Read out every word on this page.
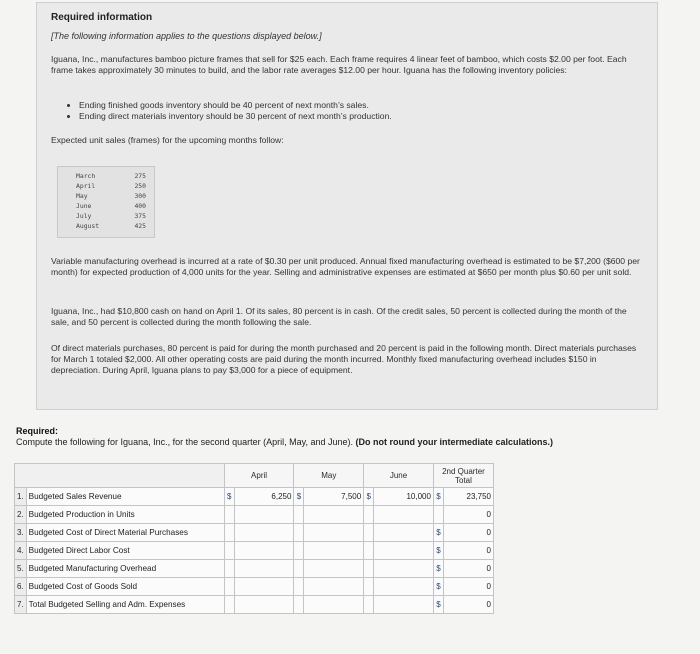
Required information
[The following information applies to the questions displayed below.]
Iguana, Inc., manufactures bamboo picture frames that sell for $25 each. Each frame requires 4 linear feet of bamboo, which costs $2.00 per foot. Each frame takes approximately 30 minutes to build, and the labor rate averages $12.00 per hour. Iguana has the following inventory policies:
• Ending finished goods inventory should be 40 percent of next month’s sales.
• Ending direct materials inventory should be 30 percent of next month’s production.
Expected unit sales (frames) for the upcoming months follow:
March	275
April	250
May	300
June	400
July	375
August	425
Variable manufacturing overhead is incurred at a rate of $0.30 per unit produced. Annual fixed manufacturing overhead is estimated to be $7,200 ($600 per month) for expected production of 4,000 units for the year. Selling and administrative expenses are estimated at $650 per month plus $0.60 per unit sold.
Iguana, Inc., had $10,800 cash on hand on April 1. Of its sales, 80 percent is in cash. Of the credit sales, 50 percent is collected during the month of the sale, and 50 percent is collected during the month following the sale.
Of direct materials purchases, 80 percent is paid for during the month purchased and 20 percent is paid in the following month. Direct materials purchases for March 1 totaled $2,000. All other operating costs are paid during the month incurred. Monthly fixed manufacturing overhead includes $150 in depreciation. During April, Iguana plans to pay $3,000 for a piece of equipment.
Required:
Compute the following for Iguana, Inc., for the second quarter (April, May, and June). (Do not round your intermediate calculations.)
		April		May		June		2nd Quarter
Total	
1.	Budgeted Sales Revenue	$	6,250	$	7,500	$	10,000	$	23,750
2.	Budgeted Production in Units								0
3.	Budgeted Cost of Direct Material Purchases							$	0
4.	Budgeted Direct Labor Cost							$	0
5.	Budgeted Manufacturing Overhead							$	0
6.	Budgeted Cost of Goods Sold							$	0
7.	Total Budgeted Selling and Adm. Expenses							$	0
